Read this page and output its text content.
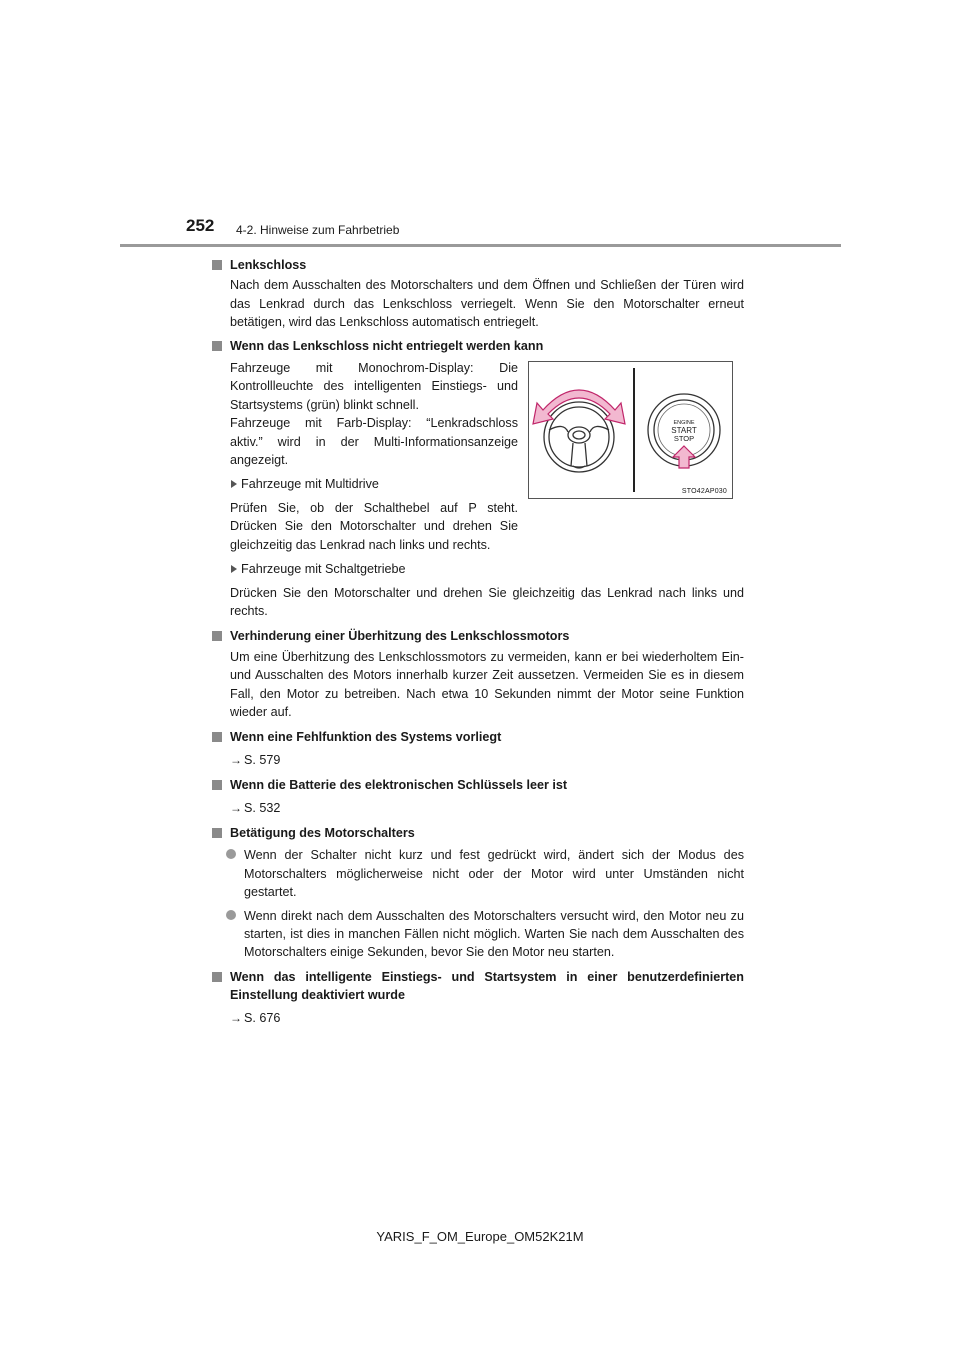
252 4-2. Hinweise zum Fahrbetrieb
Lenkschloss
Nach dem Ausschalten des Motorschalters und dem Öffnen und Schließen der Türen wird das Lenkrad durch das Lenkschloss verriegelt. Wenn Sie den Motorschalter erneut betätigen, wird das Lenkschloss automatisch entriegelt.
Wenn das Lenkschloss nicht entriegelt werden kann
Fahrzeuge mit Monochrom-Display: Die Kontrollleuchte des intelligenten Einstiegs- und Startsystems (grün) blinkt schnell.
Fahrzeuge mit Farb-Display: “Lenkradschloss aktiv.” wird in der Multi-Informationsanzeige angezeigt.
Fahrzeuge mit Multidrive
Prüfen Sie, ob der Schalthebel auf P steht. Drücken Sie den Motorschalter und drehen Sie gleichzeitig das Lenkrad nach links und rechts.
Fahrzeuge mit Schaltgetriebe
Drücken Sie den Motorschalter und drehen Sie gleichzeitig das Lenkrad nach links und rechts.
Verhinderung einer Überhitzung des Lenkschlossmotors
Um eine Überhitzung des Lenkschlossmotors zu vermeiden, kann er bei wiederholtem Ein- und Ausschalten des Motors innerhalb kurzer Zeit aussetzen. Vermeiden Sie es in diesem Fall, den Motor zu betreiben. Nach etwa 10 Sekunden nimmt der Motor seine Funktion wieder auf.
Wenn eine Fehlfunktion des Systems vorliegt
→ S. 579
Wenn die Batterie des elektronischen Schlüssels leer ist
→ S. 532
Betätigung des Motorschalters
Wenn der Schalter nicht kurz und fest gedrückt wird, ändert sich der Modus des Motorschalters möglicherweise nicht oder der Motor wird unter Umständen nicht gestartet.
Wenn direkt nach dem Ausschalten des Motorschalters versucht wird, den Motor neu zu starten, ist dies in manchen Fällen nicht möglich. Warten Sie nach dem Ausschalten des Motorschalters einige Sekunden, bevor Sie den Motor neu starten.
Wenn das intelligente Einstiegs- und Startsystem in einer benutzerdefinierten Einstellung deaktiviert wurde
→ S. 676
ENGINE
START
STOP
STO42AP030
YARIS_F_OM_Europe_OM52K21M
